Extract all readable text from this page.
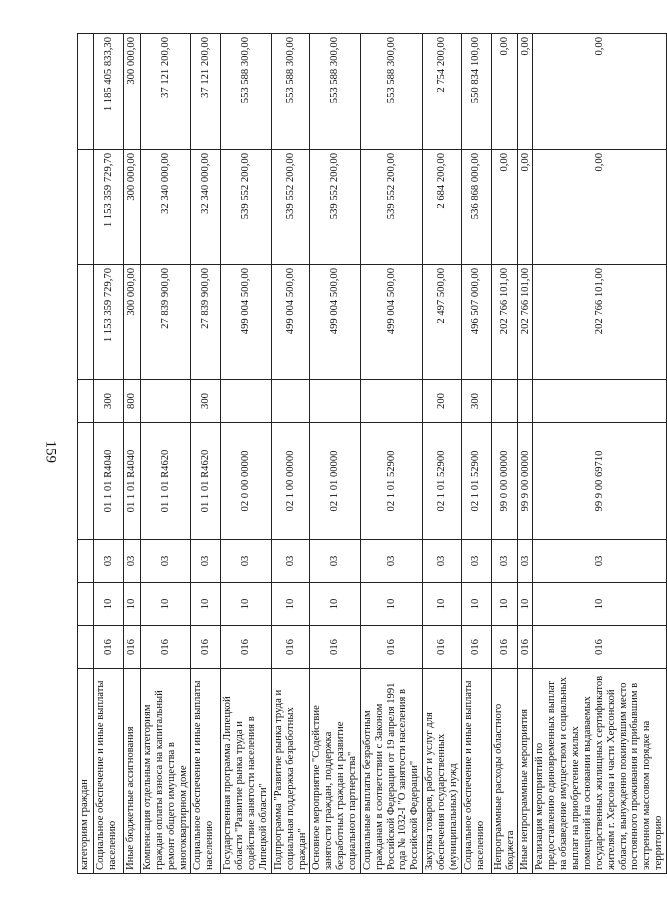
159
категориям граждан								
Социальное обеспечение и иные выплаты населению	016	10	03	01 1 01 R4040	300	1 153 359 729,70	1 153 359 729,70	1 185 405 833,30
Иные бюджетные ассигнования	016	10	03	01 1 01 R4040	800	300 000,00	300 000,00	300 000,00
Компенсация отдельным категориям граждан оплаты взноса на капитальный ремонт общего имущества в многоквартирном доме	016	10	03	01 1 01 R4620		27 839 900,00	32 340 000,00	37 121 200,00
Социальное обеспечение и иные выплаты населению	016	10	03	01 1 01 R4620	300	27 839 900,00	32 340 000,00	37 121 200,00
Государственная программа Липецкой области "Развитие рынка труда и содействие занятости населения в Липецкой области"	016	10	03	02 0 00 00000		499 004 500,00	539 552 200,00	553 588 300,00
Подпрограмма "Развитие рынка труда и социальная поддержка безработных граждан"	016	10	03	02 1 00 00000		499 004 500,00	539 552 200,00	553 588 300,00
Основное мероприятие "Содействие занятости граждан, поддержка безработных граждан и развитие социального партнерства"	016	10	03	02 1 01 00000		499 004 500,00	539 552 200,00	553 588 300,00
Социальные выплаты безработным гражданам в соответствии с Законом Российской Федерации от 19 апреля 1991 года № 1032-I "О занятости населения в Российской Федерации"	016	10	03	02 1 01 52900		499 004 500,00	539 552 200,00	553 588 300,00
Закупка товаров, работ и услуг для обеспечения государственных (муниципальных) нужд	016	10	03	02 1 01 52900	200	2 497 500,00	2 684 200,00	2 754 200,00
Социальное обеспечение и иные выплаты населению	016	10	03	02 1 01 52900	300	496 507 000,00	536 868 000,00	550 834 100,00
Непрограммные расходы областного бюджета	016	10	03	99 0 00 00000		202 766 101,00	0,00	0,00
Иные непрограммные мероприятия	016	10	03	99 9 00 00000		202 766 101,00	0,00	0,00
Реализация мероприятий по предоставлению единовременных выплат на обзаведение имуществом и социальных выплат на приобретение жилых помещений на основании выдаваемых государственных жилищных сертификатов жителям г. Херсона и части Херсонской области, вынужденно покинувшим место постоянного проживания и прибывшим в экстренном массовом порядке на территорию	016	10	03	99 9 00 69710		202 766 101,00	0,00	0,00
